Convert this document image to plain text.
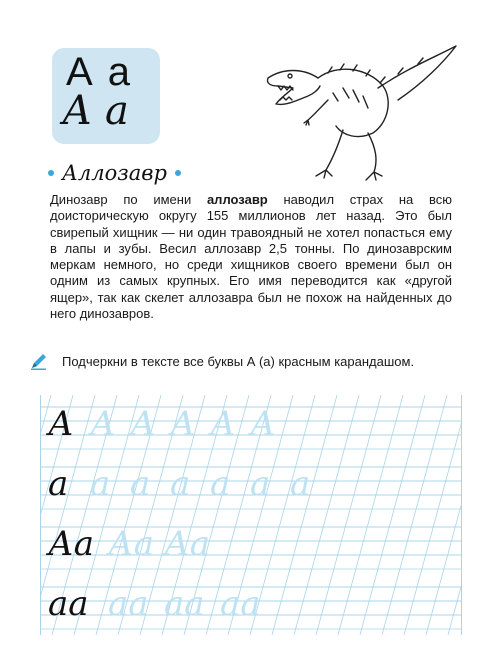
А а
А а
Аллозавр
Динозавр по имени аллозавр наводил страх на всю доисторическую округу 155 миллионов лет назад. Это был свирепый хищник — ни один травоядный не хотел попасться ему в лапы и зубы. Весил аллозавр 2,5 тонны. По динозаврским меркам немного, но среди хищников своего времени был он одним из самых крупных. Его имя переводится как «другой ящер», так как скелет аллозавра был не похож на найденных до него динозавров.
Подчеркни в тексте все буквы А (а) красным карандашом.
А А А А А А
а а а а а а а
Аа Аа Аа
аа аа аа аа
